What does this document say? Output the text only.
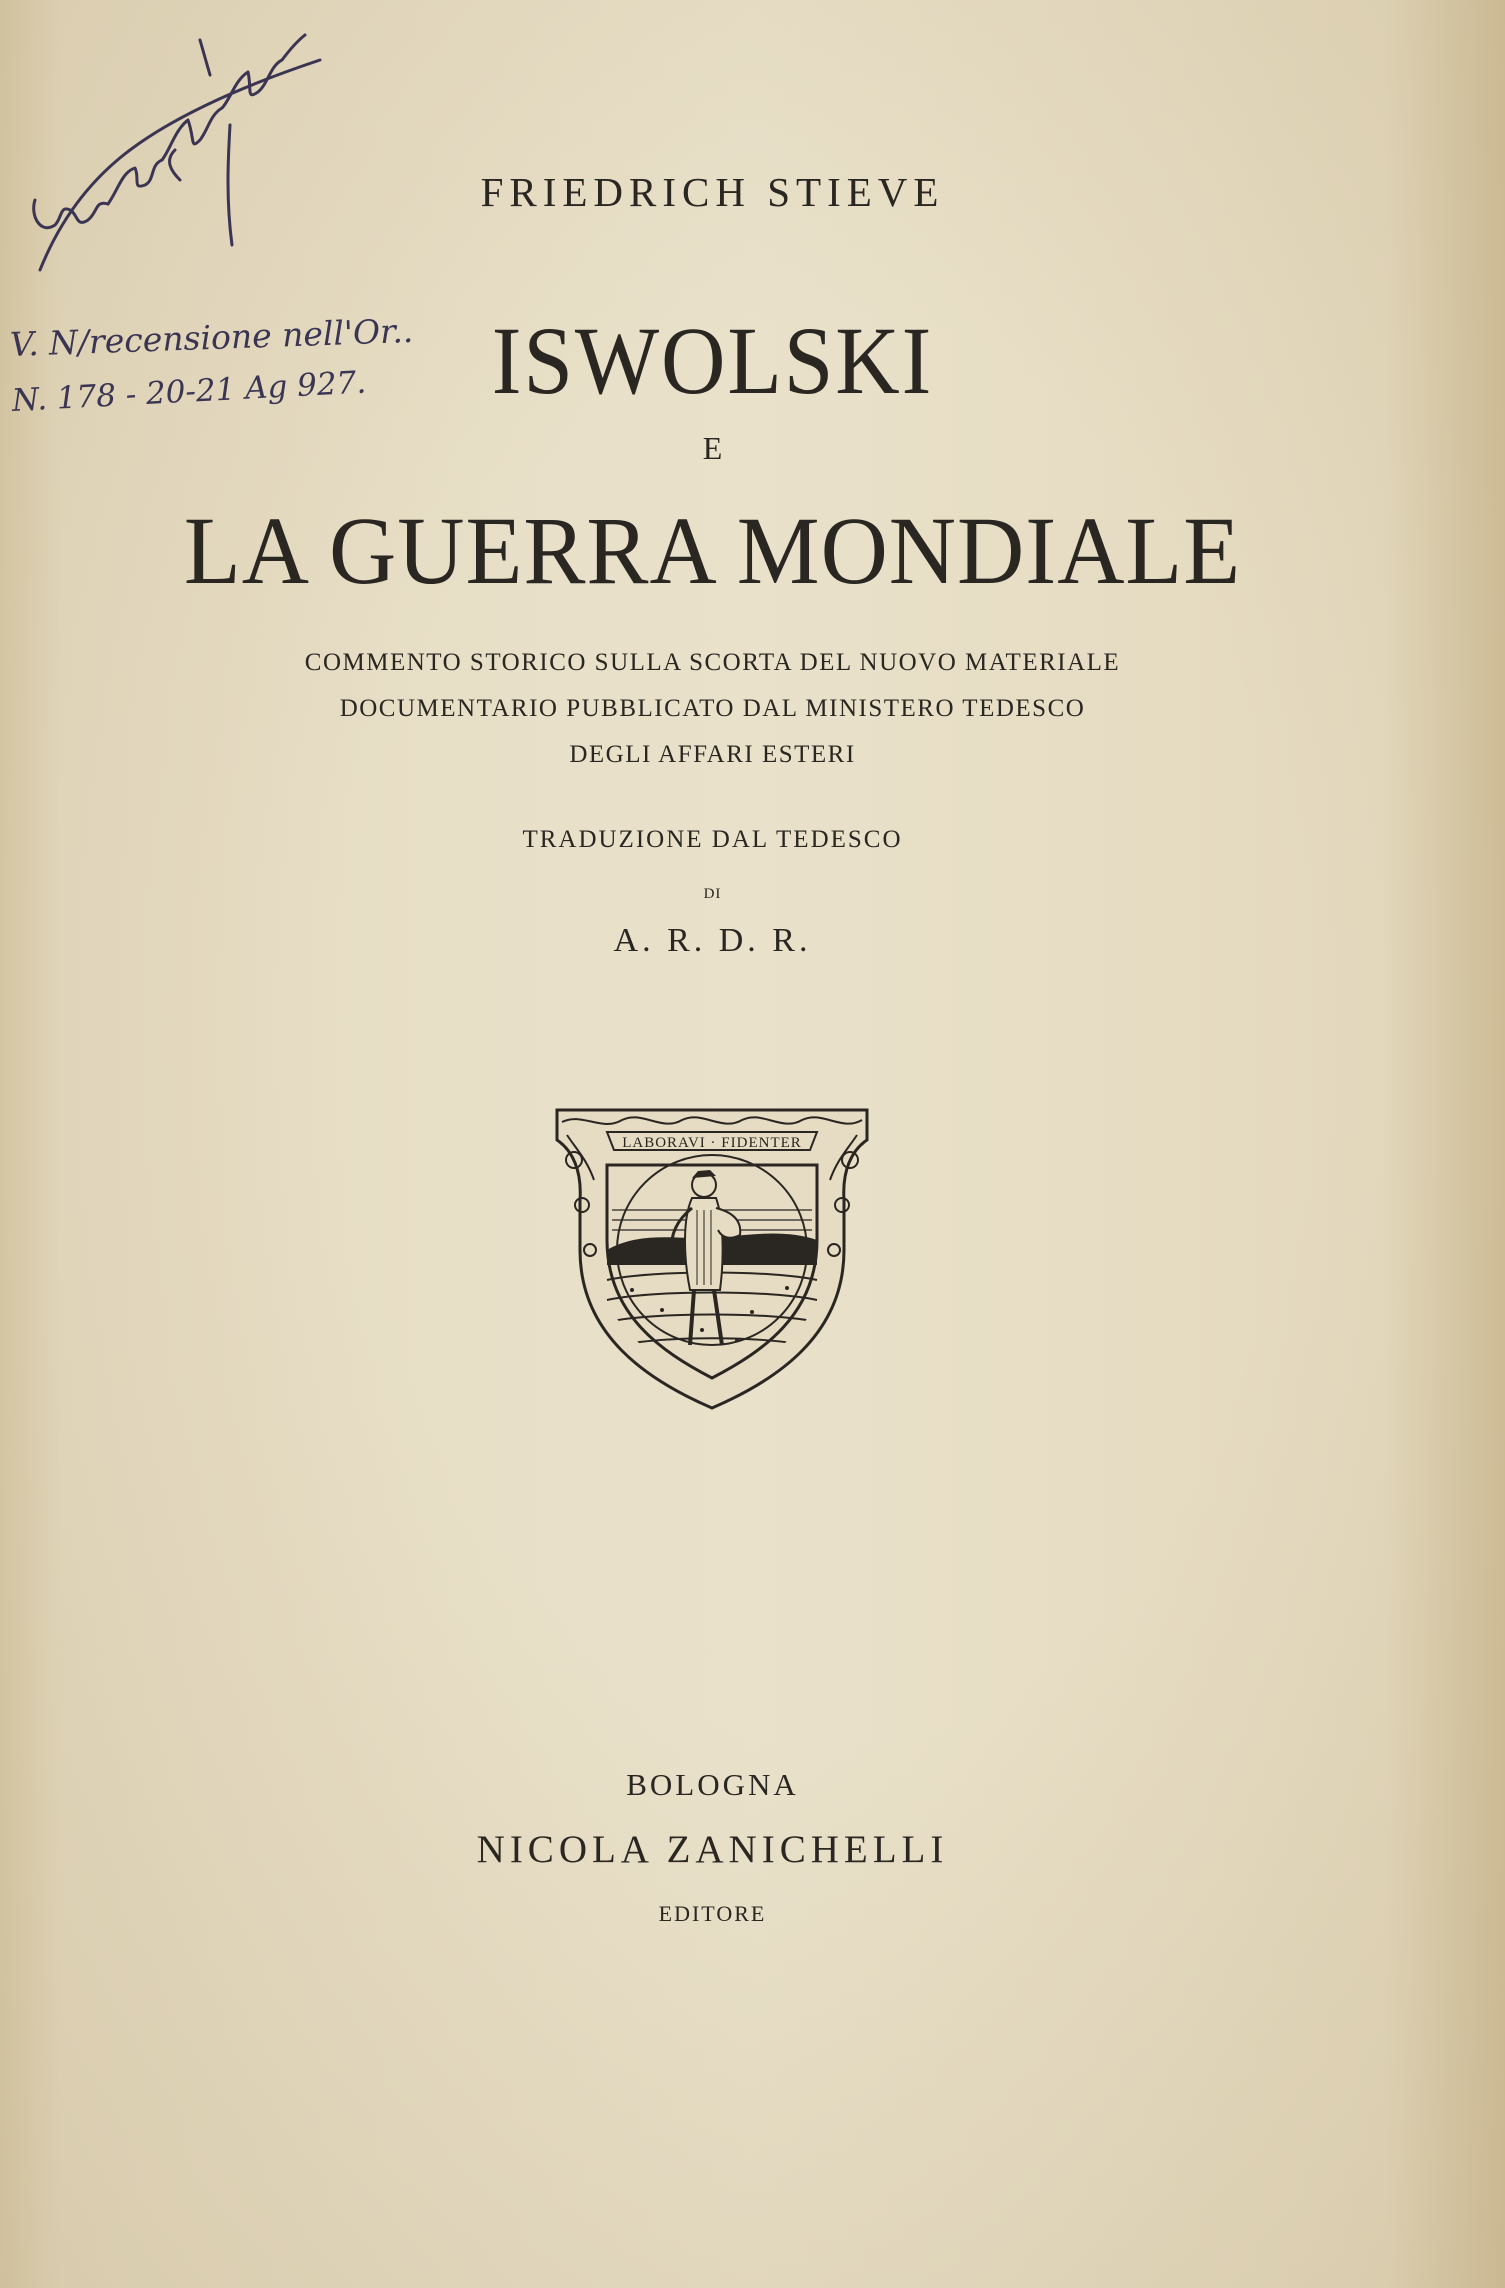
V. N/recensione nell'Or..
N. 178 - 20-21 Ag 927.
FRIEDRICH STIEVE
ISWOLSKI
E
LA GUERRA MONDIALE
COMMENTO STORICO SULLA SCORTA DEL NUOVO MATERIALE
DOCUMENTARIO PUBBLICATO DAL MINISTERO TEDESCO
DEGLI AFFARI ESTERI
TRADUZIONE DAL TEDESCO
DI
A. R. D. R.
LABORAVI · FIDENTER
BOLOGNA
NICOLA ZANICHELLI
EDITORE
